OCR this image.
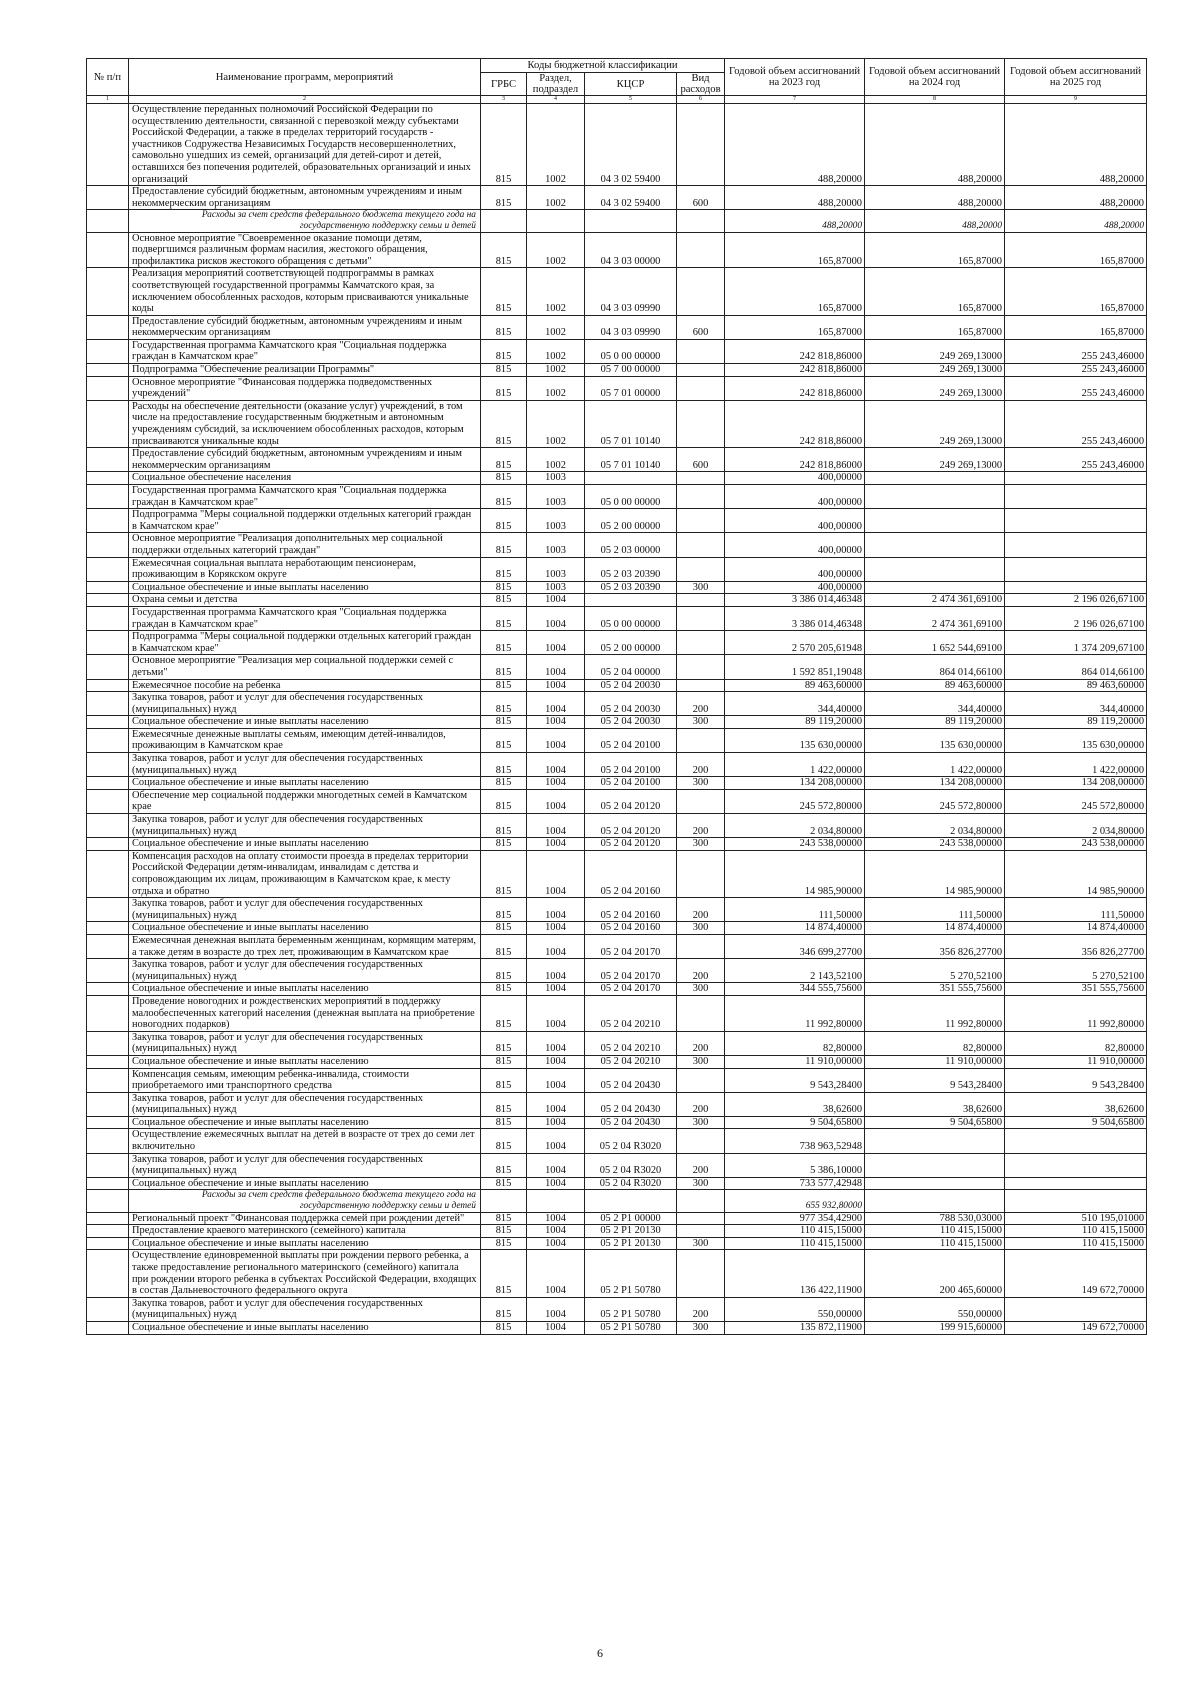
№ п/п	Наименование программ, мероприятий	Коды бюджетной классификации				Годовой объем ассигнований на 2023 год	Годовой объем ассигнований на 2024 год	Годовой объем ассигнований на 2025 год
		ГРБС	Раздел, подраздел	КЦСР	Вид расходов			
1	2	3	4	5	6	7	8	9
	Осуществление переданных полномочий Российской Федерации по осуществлению деятельности, связанной с перевозкой между субъектами Российской Федерации, а также в пределах территорий государств - участников Содружества Независимых Государств несовершеннолетних, самовольно ушедших из семей, организаций для детей-сирот и детей, оставшихся без попечения родителей, образовательных организаций и иных организаций	815	1002	04 3 02 59400		488,20000	488,20000	488,20000
	Предоставление субсидий бюджетным, автономным учреждениям и иным некоммерческим организациям	815	1002	04 3 02 59400	600	488,20000	488,20000	488,20000
	Расходы за счет средств федерального бюджета текущего года на государственную поддержку семьи и детей					488,20000	488,20000	488,20000
	Основное мероприятие "Своевременное оказание помощи детям, подвергшимся различным формам насилия, жестокого обращения, профилактика рисков жестокого обращения с детьми"	815	1002	04 3 03 00000		165,87000	165,87000	165,87000
	Реализация мероприятий соответствующей подпрограммы в рамках соответствующей государственной программы Камчатского края, за исключением обособленных расходов, которым присваиваются уникальные коды	815	1002	04 3 03 09990		165,87000	165,87000	165,87000
	Предоставление субсидий бюджетным, автономным учреждениям и иным некоммерческим организациям	815	1002	04 3 03 09990	600	165,87000	165,87000	165,87000
	Государственная программа Камчатского края "Социальная поддержка граждан в Камчатском крае"	815	1002	05 0 00 00000		242 818,86000	249 269,13000	255 243,46000
	Подпрограмма "Обеспечение реализации Программы"	815	1002	05 7 00 00000		242 818,86000	249 269,13000	255 243,46000
	Основное мероприятие "Финансовая поддержка подведомственных учреждений"	815	1002	05 7 01 00000		242 818,86000	249 269,13000	255 243,46000
	Расходы на обеспечение деятельности (оказание услуг) учреждений, в том числе на предоставление государственным бюджетным и автономным учреждениям субсидий, за исключением обособленных расходов, которым присваиваются уникальные коды	815	1002	05 7 01 10140		242 818,86000	249 269,13000	255 243,46000
	Предоставление субсидий бюджетным, автономным учреждениям и иным некоммерческим организациям	815	1002	05 7 01 10140	600	242 818,86000	249 269,13000	255 243,46000
	Социальное обеспечение населения	815	1003			400,00000		
	Государственная программа Камчатского края "Социальная поддержка граждан в Камчатском крае"	815	1003	05 0 00 00000		400,00000		
	Подпрограмма "Меры социальной поддержки отдельных категорий граждан в Камчатском крае"	815	1003	05 2 00 00000		400,00000		
	Основное мероприятие "Реализация дополнительных мер социальной поддержки отдельных категорий граждан"	815	1003	05 2 03 00000		400,00000		
	Ежемесячная социальная выплата неработающим пенсионерам, проживающим в Корякском округе	815	1003	05 2 03 20390		400,00000		
	Социальное обеспечение и иные выплаты населению	815	1003	05 2 03 20390	300	400,00000		
	Охрана семьи и детства	815	1004			3 386 014,46348	2 474 361,69100	2 196 026,67100
	Государственная программа Камчатского края "Социальная поддержка граждан в Камчатском крае"	815	1004	05 0 00 00000		3 386 014,46348	2 474 361,69100	2 196 026,67100
	Подпрограмма "Меры социальной поддержки отдельных категорий граждан в Камчатском крае"	815	1004	05 2 00 00000		2 570 205,61948	1 652 544,69100	1 374 209,67100
	Основное мероприятие "Реализация мер социальной поддержки семей с детьми"	815	1004	05 2 04 00000		1 592 851,19048	864 014,66100	864 014,66100
	Ежемесячное пособие на ребенка	815	1004	05 2 04 20030		89 463,60000	89 463,60000	89 463,60000
	Закупка товаров, работ и услуг для обеспечения государственных (муниципальных) нужд	815	1004	05 2 04 20030	200	344,40000	344,40000	344,40000
	Социальное обеспечение и иные выплаты населению	815	1004	05 2 04 20030	300	89 119,20000	89 119,20000	89 119,20000
	Ежемесячные денежные выплаты семьям, имеющим детей-инвалидов, проживающим в Камчатском крае	815	1004	05 2 04 20100		135 630,00000	135 630,00000	135 630,00000
	Закупка товаров, работ и услуг для обеспечения государственных (муниципальных) нужд	815	1004	05 2 04 20100	200	1 422,00000	1 422,00000	1 422,00000
	Социальное обеспечение и иные выплаты населению	815	1004	05 2 04 20100	300	134 208,00000	134 208,00000	134 208,00000
	Обеспечение мер социальной поддержки многодетных семей в Камчатском крае	815	1004	05 2 04 20120		245 572,80000	245 572,80000	245 572,80000
	Закупка товаров, работ и услуг для обеспечения государственных (муниципальных) нужд	815	1004	05 2 04 20120	200	2 034,80000	2 034,80000	2 034,80000
	Социальное обеспечение и иные выплаты населению	815	1004	05 2 04 20120	300	243 538,00000	243 538,00000	243 538,00000
	Компенсация расходов на оплату стоимости проезда в пределах территории Российской Федерации детям-инвалидам, инвалидам с детства и сопровождающим их лицам, проживающим в Камчатском крае, к месту отдыха и обратно	815	1004	05 2 04 20160		14 985,90000	14 985,90000	14 985,90000
	Закупка товаров, работ и услуг для обеспечения государственных (муниципальных) нужд	815	1004	05 2 04 20160	200	111,50000	111,50000	111,50000
	Социальное обеспечение и иные выплаты населению	815	1004	05 2 04 20160	300	14 874,40000	14 874,40000	14 874,40000
	Ежемесячная денежная выплата беременным женщинам, кормящим матерям, а также детям в возрасте до трех лет, проживающим в Камчатском крае	815	1004	05 2 04 20170		346 699,27700	356 826,27700	356 826,27700
	Закупка товаров, работ и услуг для обеспечения государственных (муниципальных) нужд	815	1004	05 2 04 20170	200	2 143,52100	5 270,52100	5 270,52100
	Социальное обеспечение и иные выплаты населению	815	1004	05 2 04 20170	300	344 555,75600	351 555,75600	351 555,75600
	Проведение новогодних и рождественских мероприятий в поддержку малообеспеченных категорий населения (денежная выплата на приобретение новогодних подарков)	815	1004	05 2 04 20210		11 992,80000	11 992,80000	11 992,80000
	Закупка товаров, работ и услуг для обеспечения государственных (муниципальных) нужд	815	1004	05 2 04 20210	200	82,80000	82,80000	82,80000
	Социальное обеспечение и иные выплаты населению	815	1004	05 2 04 20210	300	11 910,00000	11 910,00000	11 910,00000
	Компенсация семьям, имеющим ребенка-инвалида, стоимости приобретаемого ими транспортного средства	815	1004	05 2 04 20430		9 543,28400	9 543,28400	9 543,28400
	Закупка товаров, работ и услуг для обеспечения государственных (муниципальных) нужд	815	1004	05 2 04 20430	200	38,62600	38,62600	38,62600
	Социальное обеспечение и иные выплаты населению	815	1004	05 2 04 20430	300	9 504,65800	9 504,65800	9 504,65800
	Осуществление ежемесячных выплат на детей в возрасте от трех до семи лет включительно	815	1004	05 2 04 R3020		738 963,52948		
	Закупка товаров, работ и услуг для обеспечения государственных (муниципальных) нужд	815	1004	05 2 04 R3020	200	5 386,10000		
	Социальное обеспечение и иные выплаты населению	815	1004	05 2 04 R3020	300	733 577,42948		
	Расходы за счет средств федерального бюджета текущего года на государственную поддержку семьи и детей					655 932,80000		
	Региональный проект "Финансовая поддержка семей при рождении детей"	815	1004	05 2 P1 00000		977 354,42900	788 530,03000	510 195,01000
	Предоставление краевого материнского (семейного) капитала	815	1004	05 2 P1 20130		110 415,15000	110 415,15000	110 415,15000
	Социальное обеспечение и иные выплаты населению	815	1004	05 2 P1 20130	300	110 415,15000	110 415,15000	110 415,15000
	Осуществление единовременной выплаты при рождении первого ребенка, а также предоставление регионального материнского (семейного) капитала при рождении второго ребенка в субъектах Российской Федерации, входящих в состав Дальневосточного федерального округа	815	1004	05 2 P1 50780		136 422,11900	200 465,60000	149 672,70000
	Закупка товаров, работ и услуг для обеспечения государственных (муниципальных) нужд	815	1004	05 2 P1 50780	200	550,00000	550,00000	
	Социальное обеспечение и иные выплаты населению	815	1004	05 2 P1 50780	300	135 872,11900	199 915,60000	149 672,70000
6
